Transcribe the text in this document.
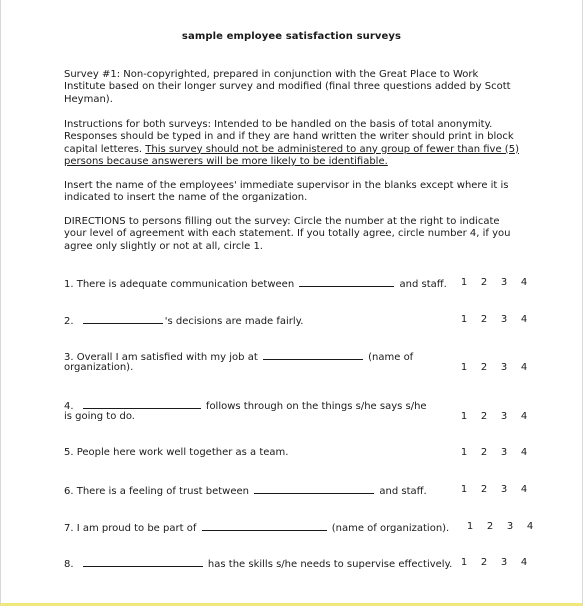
sample employee satisfaction surveys
Survey #1: Non-copyrighted, prepared in conjunction with the Great Place to Work
Institute based on their longer survey and modified (final three questions added by Scott
Heyman).
Instructions for both surveys: Intended to be handled on the basis of total anonymity.
Responses should be typed in and if they are hand written the writer should print in block
capital letteres. This survey should not be administered to any group of fewer than five (5)
persons because answerers will be more likely to be identifiable.
Insert the name of the employees' immediate supervisor in the blanks except where it is
indicated to insert the name of the organization.
DIRECTIONS to persons filling out the survey: Circle the number at the right to indicate
your level of agreement with each statement. If you totally agree, circle number 4, if you
agree only slightly or not at all, circle 1.
1. There is adequate communication between	and staff.	1 2 3 4
2.	's decisions are made fairly.	1 2 3 4
3. Overall I am satisfied with my job at	(name of
organization).	1 2 3 4
4.	follows through on the things s/he says s/he
is going to do.	1 2 3 4
5. People here work well together as a team.	1 2 3 4
6. There is a feeling of trust between	and staff.	1 2 3 4
7. I am proud to be part of	(name of organization).	1 2 3 4
8.	has the skills s/he needs to supervise effectively. 1 2 3 4
